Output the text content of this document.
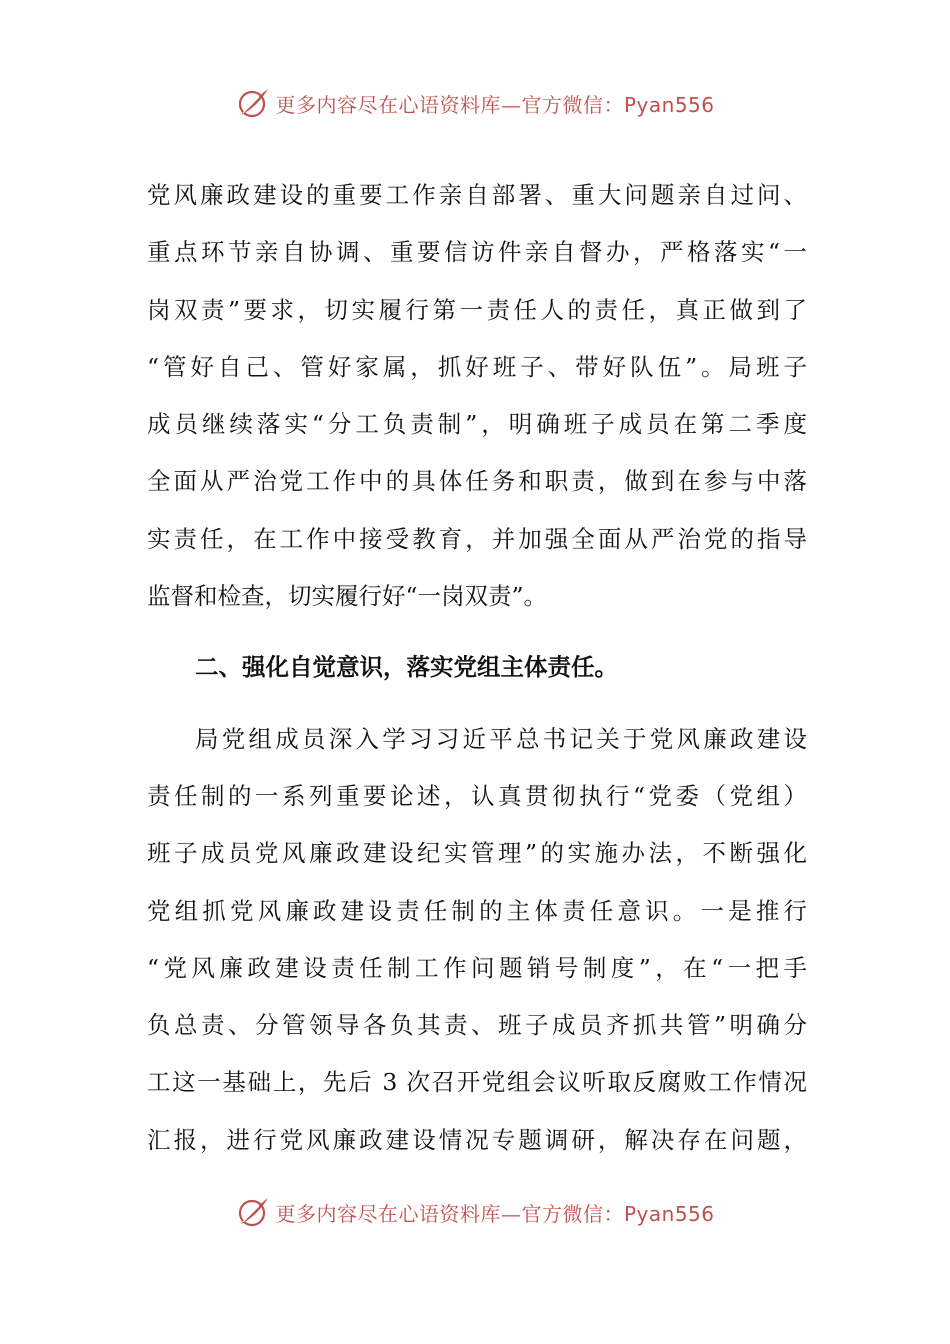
更多内容尽在心语资料库—官方微信：Pyan556
党风廉政建设的重要工作亲自部署、重大问题亲自过问、
重点环节亲自协调、重要信访件亲自督办，严格落实“一
岗双责”要求，切实履行第一责任人的责任，真正做到了
“管好自己、管好家属，抓好班子、带好队伍”。局班子
成员继续落实“分工负责制”，明确班子成员在第二季度
全面从严治党工作中的具体任务和职责，做到在参与中落
实责任，在工作中接受教育，并加强全面从严治党的指导
监督和检查，切实履行好“一岗双责”。
二、强化自觉意识，落实党组主体责任。
局党组成员深入学习习近平总书记关于党风廉政建设
责任制的一系列重要论述，认真贯彻执行“党委（党组）
班子成员党风廉政建设纪实管理”的实施办法，不断强化
党组抓党风廉政建设责任制的主体责任意识。一是推行
“党风廉政建设责任制工作问题销号制度”，在“一把手
负总责、分管领导各负其责、班子成员齐抓共管”明确分
工这一基础上，先后 3 次召开党组会议听取反腐败工作情况
汇报，进行党风廉政建设情况专题调研，解决存在问题，
更多内容尽在心语资料库—官方微信：Pyan556
